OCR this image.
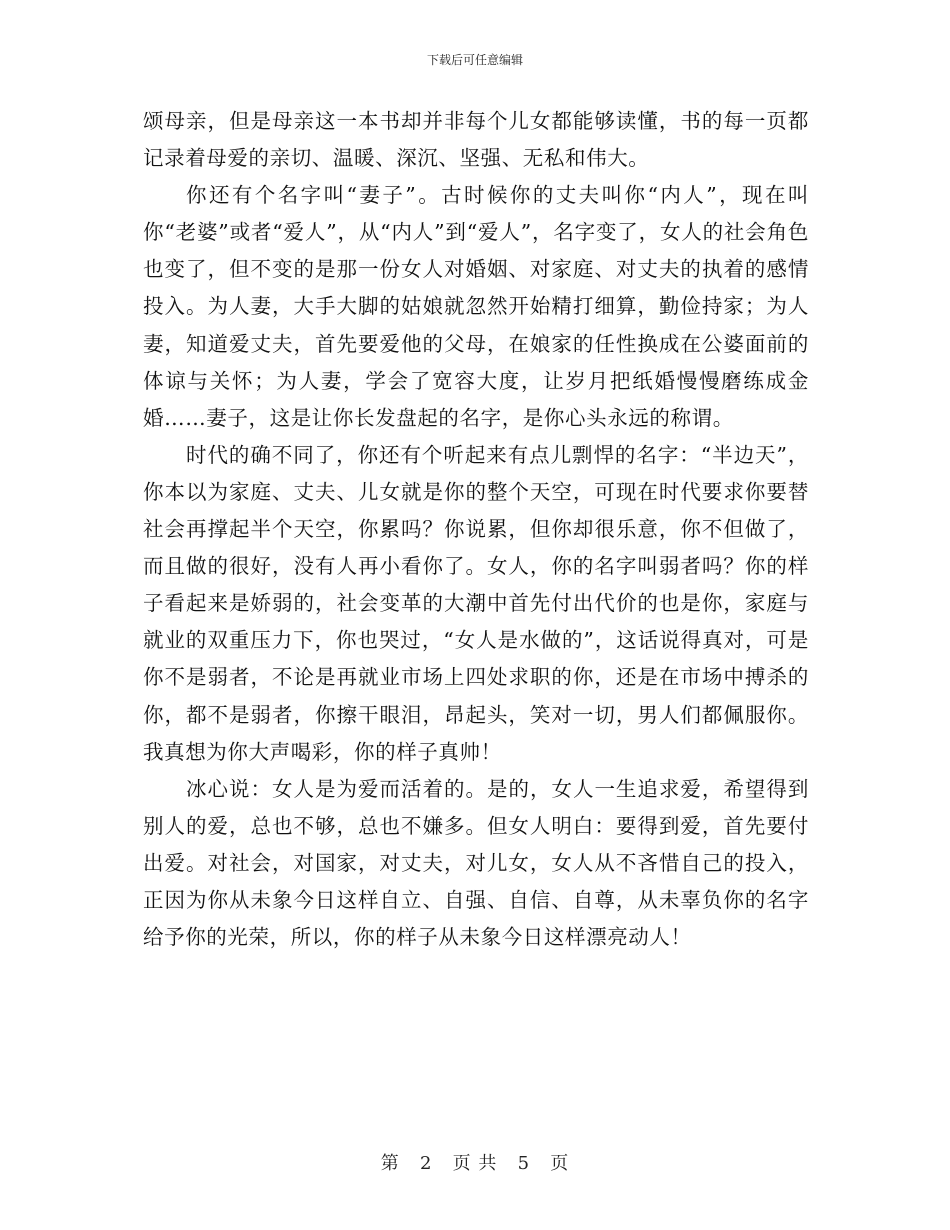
下载后可任意编辑

颂母亲，但是母亲这一本书却并非每个儿女都能够读懂，书的每一页都记录着母爱的亲切、温暖、深沉、坚强、无私和伟大。

你还有个名字叫“妻子”。古时候你的丈夫叫你“内人”，现在叫你“老婆”或者“爱人”，从“内人”到“爱人”，名字变了，女人的社会角色也变了，但不变的是那一份女人对婚姻、对家庭、对丈夫的执着的感情投入。为人妻，大手大脚的姑娘就忽然开始精打细算，勤俭持家；为人妻，知道爱丈夫，首先要爱他的父母，在娘家的任性换成在公婆面前的体谅与关怀；为人妻，学会了宽容大度，让岁月把纸婚慢慢磨练成金婚……妻子，这是让你长发盘起的名字，是你心头永远的称谓。

时代的确不同了，你还有个听起来有点儿剽悍的名字：“半边天”，你本以为家庭、丈夫、儿女就是你的整个天空，可现在时代要求你要替社会再撑起半个天空，你累吗？你说累，但你却很乐意，你不但做了，而且做的很好，没有人再小看你了。女人，你的名字叫弱者吗？你的样子看起来是娇弱的，社会变革的大潮中首先付出代价的也是你，家庭与就业的双重压力下，你也哭过，“女人是水做的”，这话说得真对，可是你不是弱者，不论是再就业市场上四处求职的你，还是在市场中搏杀的你，都不是弱者，你擦干眼泪，昂起头，笑对一切，男人们都佩服你。我真想为你大声喝彩，你的样子真帅！

冰心说：女人是为爱而活着的。是的，女人一生追求爱，希望得到别人的爱，总也不够，总也不嫌多。但女人明白：要得到爱，首先要付出爱。对社会，对国家，对丈夫，对儿女，女人从不吝惜自己的投入，正因为你从未象今日这样自立、自强、自信、自尊，从未辜负你的名字给予你的光荣，所以，你的样子从未象今日这样漂亮动人！

第 2 页 共 5 页
